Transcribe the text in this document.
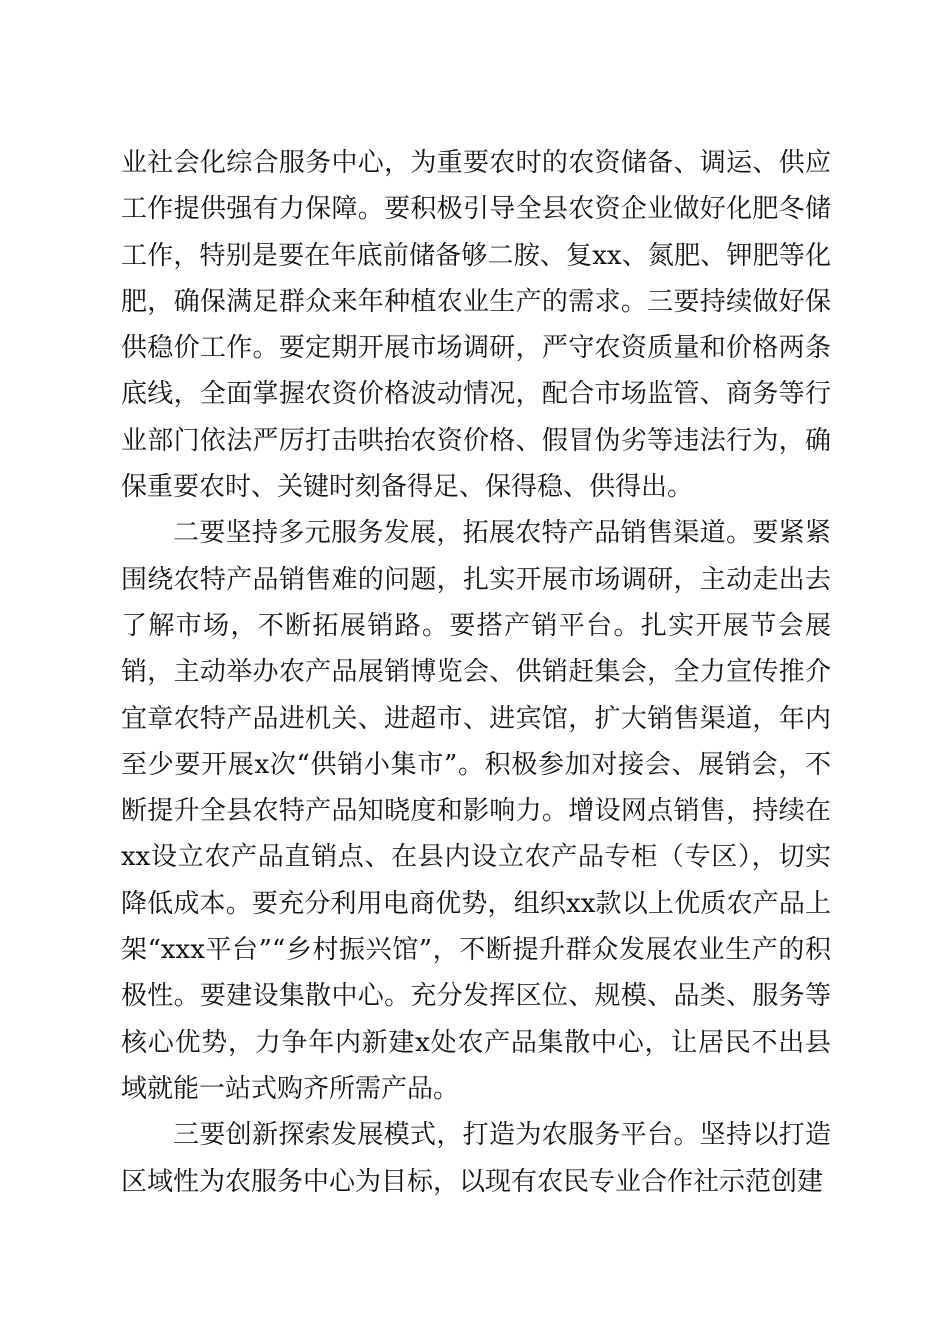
业社会化综合服务中心，为重要农时的农资储备、调运、供应工作提供强有力保障。要积极引导全县农资企业做好化肥冬储工作，特别是要在年底前储备够二胺、复xx、氮肥、钾肥等化肥，确保满足群众来年种植农业生产的需求。三要持续做好保供稳价工作。要定期开展市场调研，严守农资质量和价格两条底线，全面掌握农资价格波动情况，配合市场监管、商务等行业部门依法严厉打击哄抬农资价格、假冒伪劣等违法行为，确保重要农时、关键时刻备得足、保得稳、供得出。

二要坚持多元服务发展，拓展农特产品销售渠道。要紧紧围绕农特产品销售难的问题，扎实开展市场调研，主动走出去了解市场，不断拓展销路。要搭产销平台。扎实开展节会展销，主动举办农产品展销博览会、供销赶集会，全力宣传推介宜章农特产品进机关、进超市、进宾馆，扩大销售渠道，年内至少要开展x次“供销小集市”。积极参加对接会、展销会，不断提升全县农特产品知晓度和影响力。增设网点销售，持续在xx设立农产品直销点、在县内设立农产品专柜（专区），切实降低成本。要充分利用电商优势，组织xx款以上优质农产品上架“xxx平台”“乡村振兴馆”，不断提升群众发展农业生产的积极性。要建设集散中心。充分发挥区位、规模、品类、服务等核心优势，力争年内新建x处农产品集散中心，让居民不出县域就能一站式购齐所需产品。

三要创新探索发展模式，打造为农服务平台。坚持以打造区域性为农服务中心为目标，以现有农民专业合作社示范创建
